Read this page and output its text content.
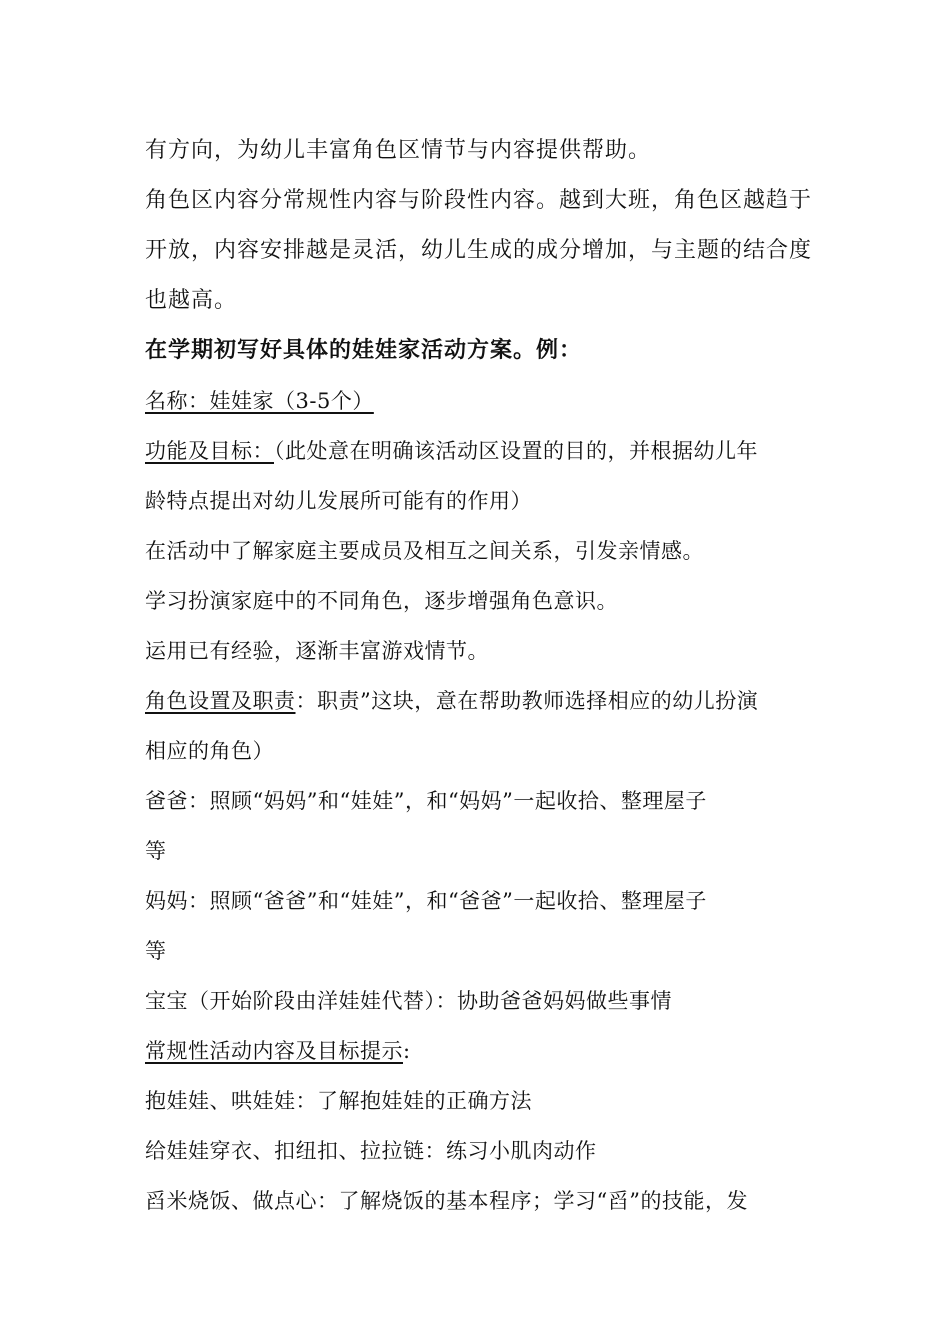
有方向，为幼儿丰富角色区情节与内容提供帮助。
角色区内容分常规性内容与阶段性内容。越到大班，角色区越趋于
开放，内容安排越是灵活，幼儿生成的成分增加，与主题的结合度
也越高。
在学期初写好具体的娃娃家活动方案。例：
名称：娃娃家（3-5个）
功能及目标：（此处意在明确该活动区设置的目的，并根据幼儿年
龄特点提出对幼儿发展所可能有的作用）
在活动中了解家庭主要成员及相互之间关系，引发亲情感。
学习扮演家庭中的不同角色，逐步增强角色意识。
运用已有经验，逐渐丰富游戏情节。
角色设置及职责：职责”这块，意在帮助教师选择相应的幼儿扮演
相应的角色）
爸爸：照顾“妈妈”和“娃娃”，和“妈妈”一起收拾、整理屋子
等
妈妈：照顾“爸爸”和“娃娃”，和“爸爸”一起收拾、整理屋子
等
宝宝（开始阶段由洋娃娃代替）：协助爸爸妈妈做些事情
常规性活动内容及目标提示:
抱娃娃、哄娃娃：了解抱娃娃的正确方法
给娃娃穿衣、扣纽扣、拉拉链：练习小肌肉动作
舀米烧饭、做点心：了解烧饭的基本程序；学习“舀”的技能，发
